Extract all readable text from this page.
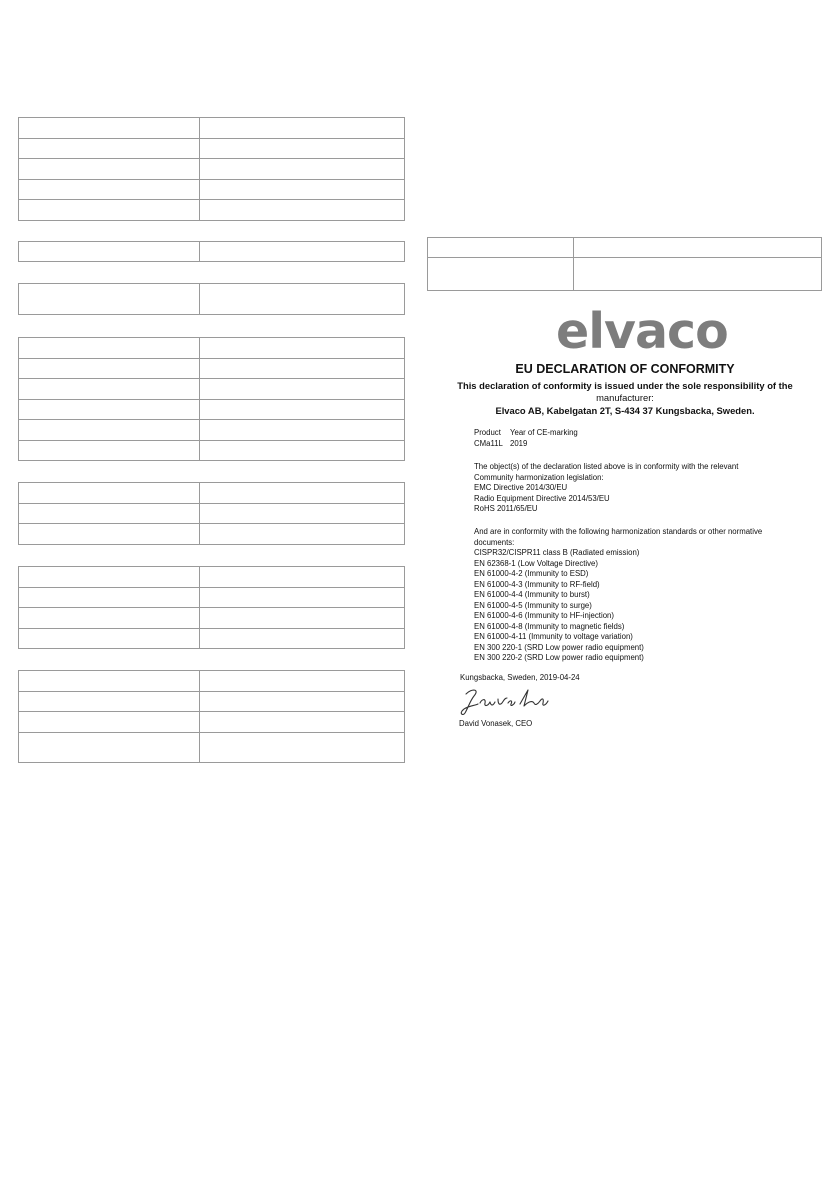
elvaco
EU DECLARATION OF CONFORMITY
This declaration of conformity is issued under the sole responsibility of the
manufacturer:
Elvaco AB, Kabelgatan 2T, S-434 37 Kungsbacka, Sweden.
Product Year of CE-marking
CMa11L 2019
The object(s) of the declaration listed above is in conformity with the relevant
Community harmonization legislation:
EMC Directive 2014/30/EU
Radio Equipment Directive 2014/53/EU
RoHS 2011/65/EU
And are in conformity with the following harmonization standards or other normative
documents:
CISPR32/CISPR11 class B (Radiated emission)
EN 62368-1 (Low Voltage Directive)
EN 61000-4-2 (Immunity to ESD)
EN 61000-4-3 (Immunity to RF-field)
EN 61000-4-4 (Immunity to burst)
EN 61000-4-5 (Immunity to surge)
EN 61000-4-6 (Immunity to HF-injection)
EN 61000-4-8 (Immunity to magnetic fields)
EN 61000-4-11 (Immunity to voltage variation)
EN 300 220-1 (SRD Low power radio equipment)
EN 300 220-2 (SRD Low power radio equipment)
Kungsbacka, Sweden, 2019-04-24
David Vonasek, CEO
